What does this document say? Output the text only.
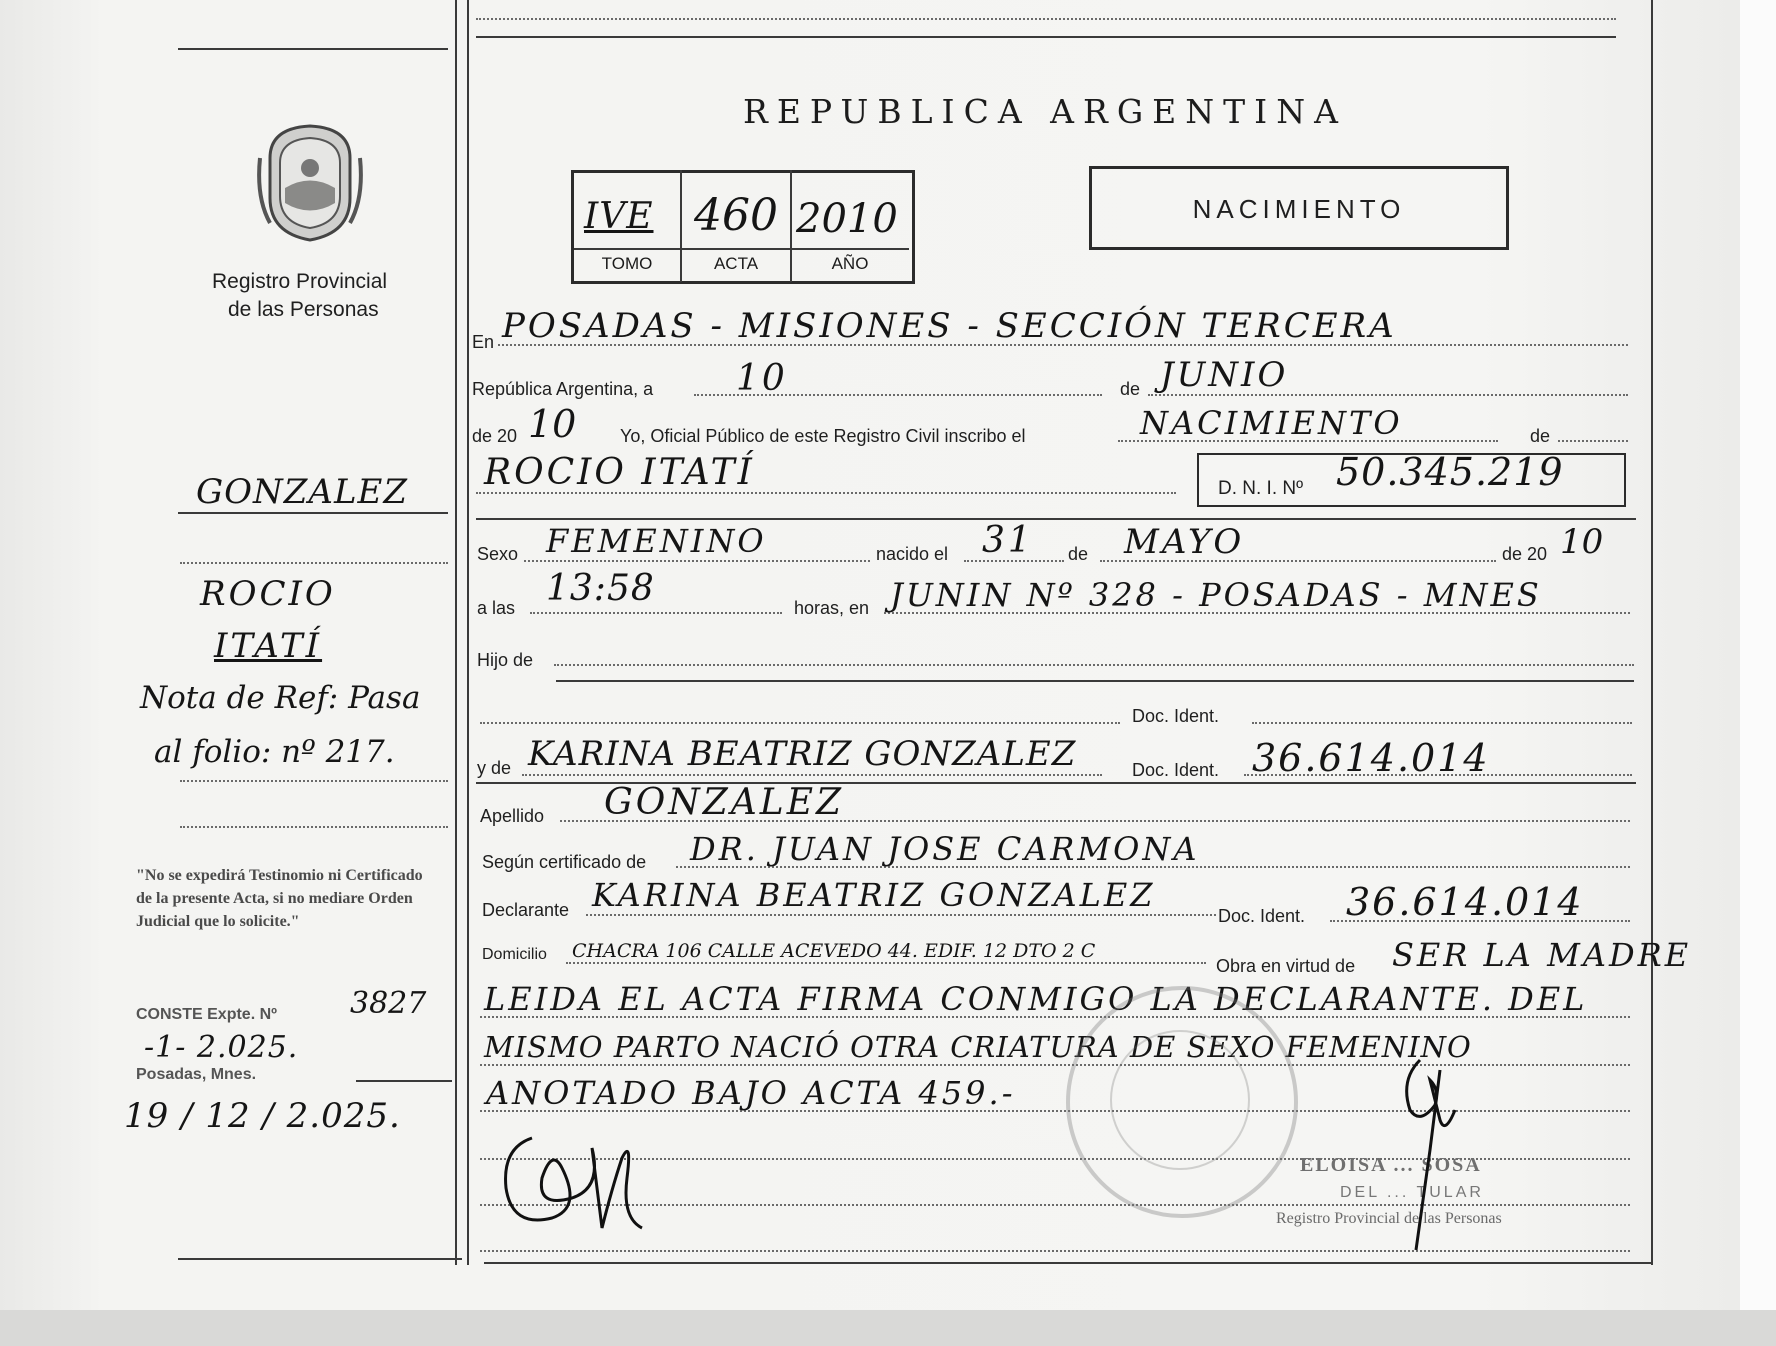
REPUBLICA ARGENTINA
Registro Provincial
de las Personas
IVE 460 2010
TOMO	ACTA	AÑO
NACIMIENTO
En POSADAS - MISIONES - SECCIÓN TERCERA
República Argentina, a 10	de JUNIO
de 20 10 Yo, Oficial Público de este Registro Civil inscribo el	NACIMIENTO	de
ROCIO ITATÍ	D. N. I. Nº 50.345.219
Sexo FEMENINO	nacido el 31 de MAYO	de 20 10
a las 13:58	horas, en JUNIN Nº 328 - POSADAS - MNES
Hijo de
Doc. Ident.
y de KARINA BEATRIZ GONZALEZ	Doc. Ident. 36.614.014
Apellido GONZALEZ
Según certificado de DR. JUAN JOSE CARMONA
Declarante KARINA BEATRIZ GONZALEZ
Doc. Ident. 36.614.014
Domicilio CHACRA 106 CALLE ACEVEDO 44. EDIF. 12 DTO 2 C
Obra en virtud de SER LA MADRE
LEIDA EL ACTA FIRMA CONMIGO LA DECLARANTE. DEL
MISMO PARTO NACIÓ OTRA CRIATURA DE SEXO FEMENINO
ANOTADO BAJO ACTA 459.-
ELOISA ... SOSA
DEL ... TULAR
Registro Provincial de las Personas
GONZALEZ
ROCIO
ITATÍ
Nota de Ref: Pasa
al folio: nº 217.
"No se expedirá Testinomio ni Certificado de la presente Acta, si no mediare Orden Judicial que lo solicite."
CONSTE Expte. Nº 3827
-1- 2.025.
Posadas, Mnes.
19 / 12 / 2.025.
